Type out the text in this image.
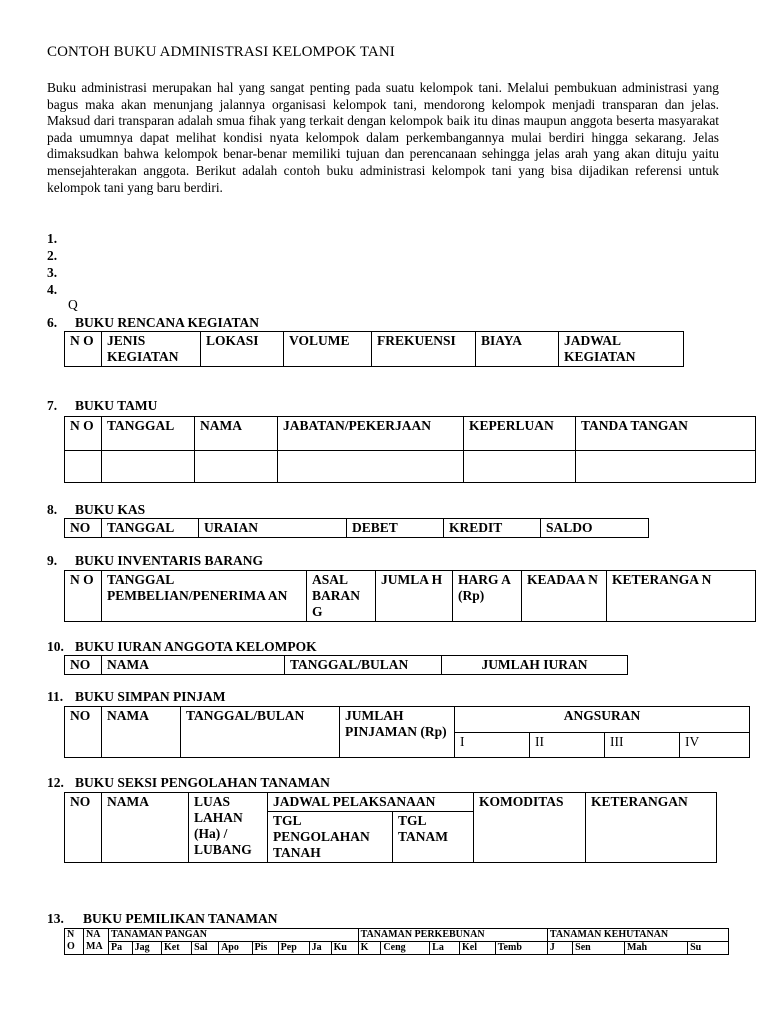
CONTOH BUKU ADMINISTRASI KELOMPOK TANI
Buku administrasi merupakan hal yang sangat penting pada suatu kelompok tani. Melalui pembukuan administrasi yang bagus maka akan menunjang jalannya organisasi kelompok tani, mendorong kelompok menjadi transparan dan jelas. Maksud dari transparan adalah smua fihak yang terkait dengan kelompok baik itu dinas maupun anggota beserta masyarakat pada umumnya dapat melihat kondisi nyata kelompok dalam perkembangannya mulai berdiri hingga sekarang. Jelas dimaksudkan bahwa kelompok benar-benar memiliki tujuan dan perencanaan sehingga jelas arah yang akan dituju yaitu mensejahterakan anggota. Berikut adalah contoh buku administrasi kelompok tani yang bisa dijadikan referensi untuk kelompok tani yang baru berdiri.
1.
2.
3.
4.
Q
6. BUKU RENCANA KEGIATAN
N O	JENIS KEGIATAN	LOKASI	VOLUME	FREKUENSI	BIAYA	JADWAL KEGIATAN
7. BUKU TAMU
N O	TANGGAL	NAMA	JABATAN/PEKERJAAN	KEPERLUAN	TANDA TANGAN

8. BUKU KAS
NO	TANGGAL	URAIAN	DEBET	KREDIT	SALDO
9. BUKU INVENTARIS BARANG
N O	TANGGAL PEMBELIAN/PENERIMA AN	ASAL BARAN G	JUMLA H	HARG A (Rp)	KEADAA N	KETERANGA N
10. BUKU IURAN ANGGOTA KELOMPOK
NO	NAMA	TANGGAL/BULAN	JUMLAH IURAN
11. BUKU SIMPAN PINJAM
NO	NAMA	TANGGAL/BULAN	JUMLAH PINJAMAN (Rp)	ANGSURAN			
				I	II	III	IV
12. BUKU SEKSI PENGOLAHAN TANAMAN
NO	NAMA	LUAS LAHAN (Ha) / LUBANG	JADWAL PELAKSANAAN		KOMODITAS	KETERANGAN
			TGL PENGOLAHAN TANAH	TGL TANAM		
13. BUKU PEMILIKAN TANAMAN
N O	NA MA	TANAMAN PANGAN									TANAMAN PERKEBUNAN					TANAMAN KEHUTANAN			
		Pa	Jag	Ket	Sal	Apo	Pis	Pep	Ja	Ku	K	Ceng	La	Kel	Temb	J	Sen	Mah	Su
